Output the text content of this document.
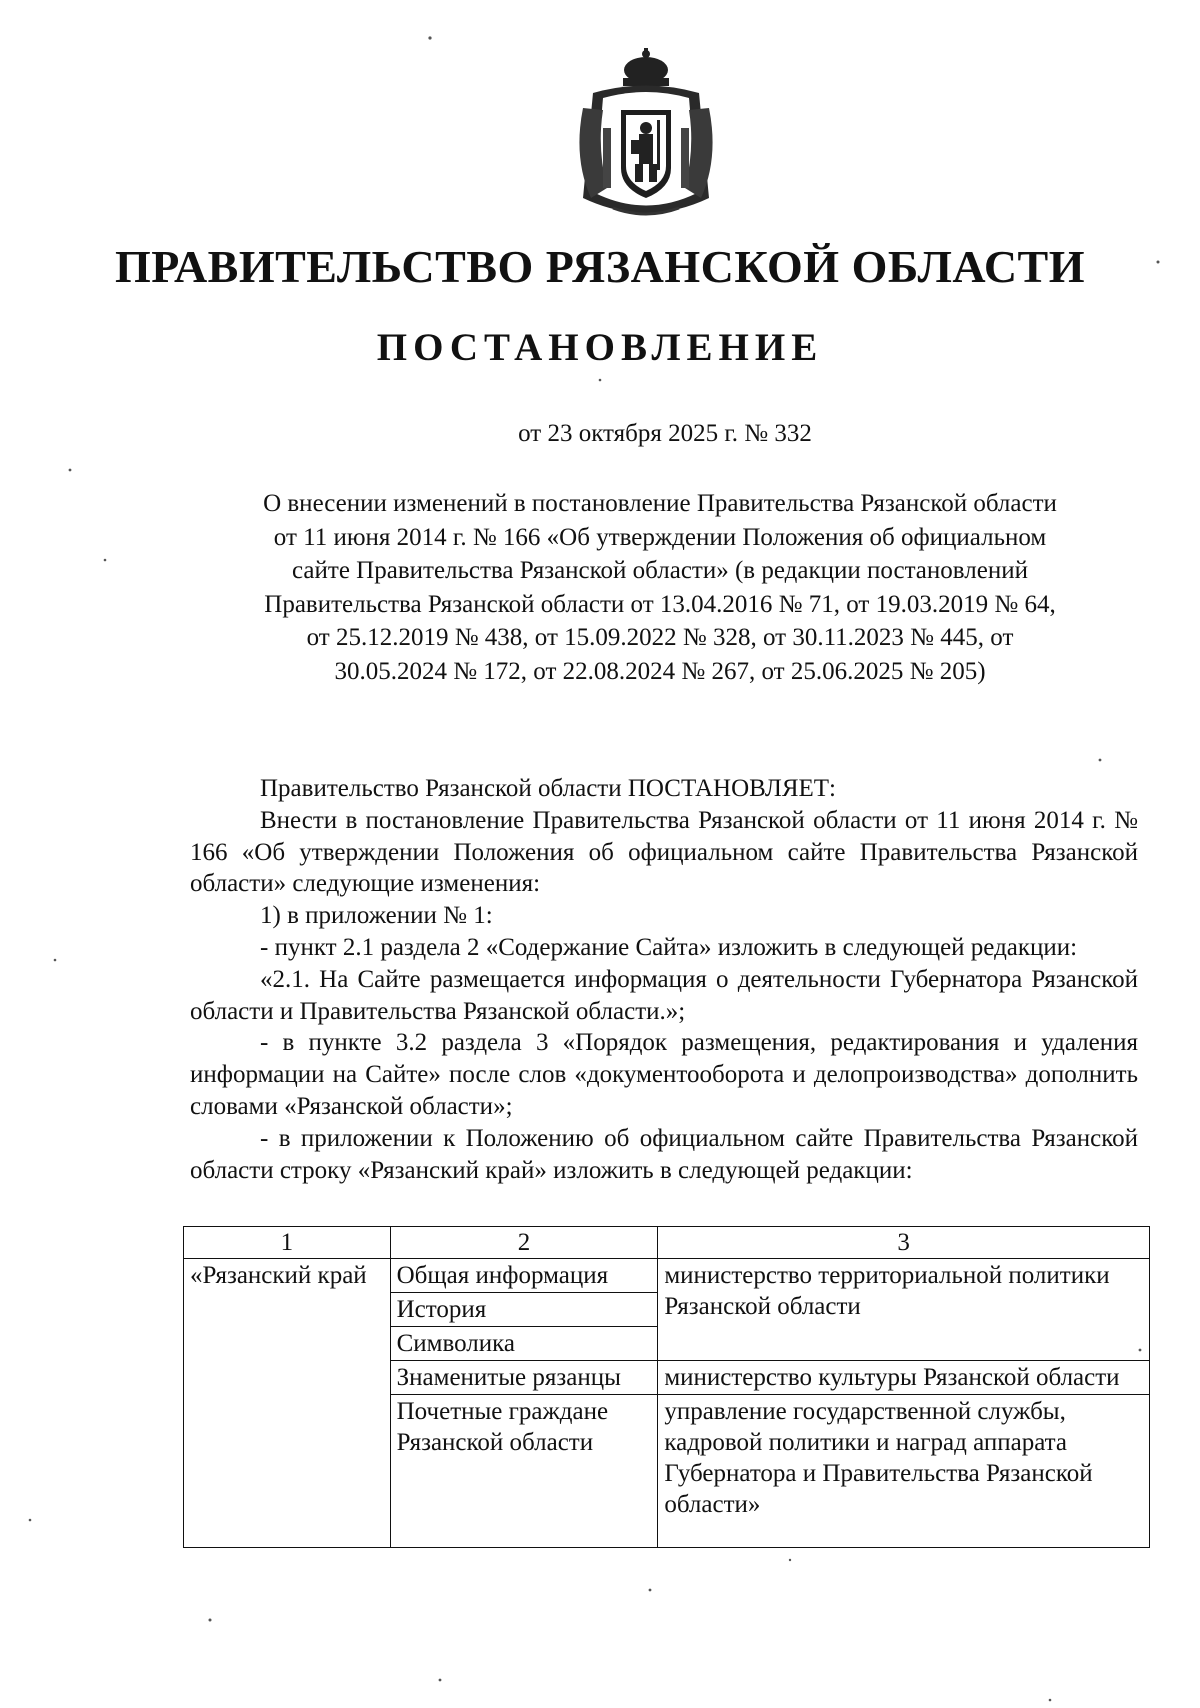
ПРАВИТЕЛЬСТВО РЯЗАНСКОЙ ОБЛАСТИ
ПОСТАНОВЛЕНИЕ

от 23 октября 2025 г. № 332

О внесении изменений в постановление Правительства Рязанской области от 11 июня 2014 г. № 166 «Об утверждении Положения об официальном сайте Правительства Рязанской области» (в редакции постановлений Правительства Рязанской области от 13.04.2016 № 71, от 19.03.2019 № 64, от 25.12.2019 № 438, от 15.09.2022 № 328, от 30.11.2023 № 445, от 30.05.2024 № 172, от 22.08.2024 № 267, от 25.06.2025 № 205)

Правительство Рязанской области ПОСТАНОВЛЯЕТ:

Внести в постановление Правительства Рязанской области от 11 июня 2014 г. № 166 «Об утверждении Положения об официальном сайте Правительства Рязанской области» следующие изменения:

1) в приложении № 1:

- пункт 2.1 раздела 2 «Содержание Сайта» изложить в следующей редакции:

«2.1. На Сайте размещается информация о деятельности Губернатора Рязанской области и Правительства Рязанской области.»;

- в пункте 3.2 раздела 3 «Порядок размещения, редактирования и удаления информации на Сайте» после слов «документооборота и делопроизводства» дополнить словами «Рязанской области»;

- в приложении к Положению об официальном сайте Правительства Рязанской области строку «Рязанский край» изложить в следующей редакции:

1	2	3
«Рязанский край	Общая информация	министерство территориальной политики Рязанской области
	История	
	Символика	
	Знаменитые рязанцы	министерство культуры Рязанской области
	Почетные граждане Рязанской области	управление государственной службы, кадровой политики и наград аппарата Губернатора и Правительства Рязанской области»
